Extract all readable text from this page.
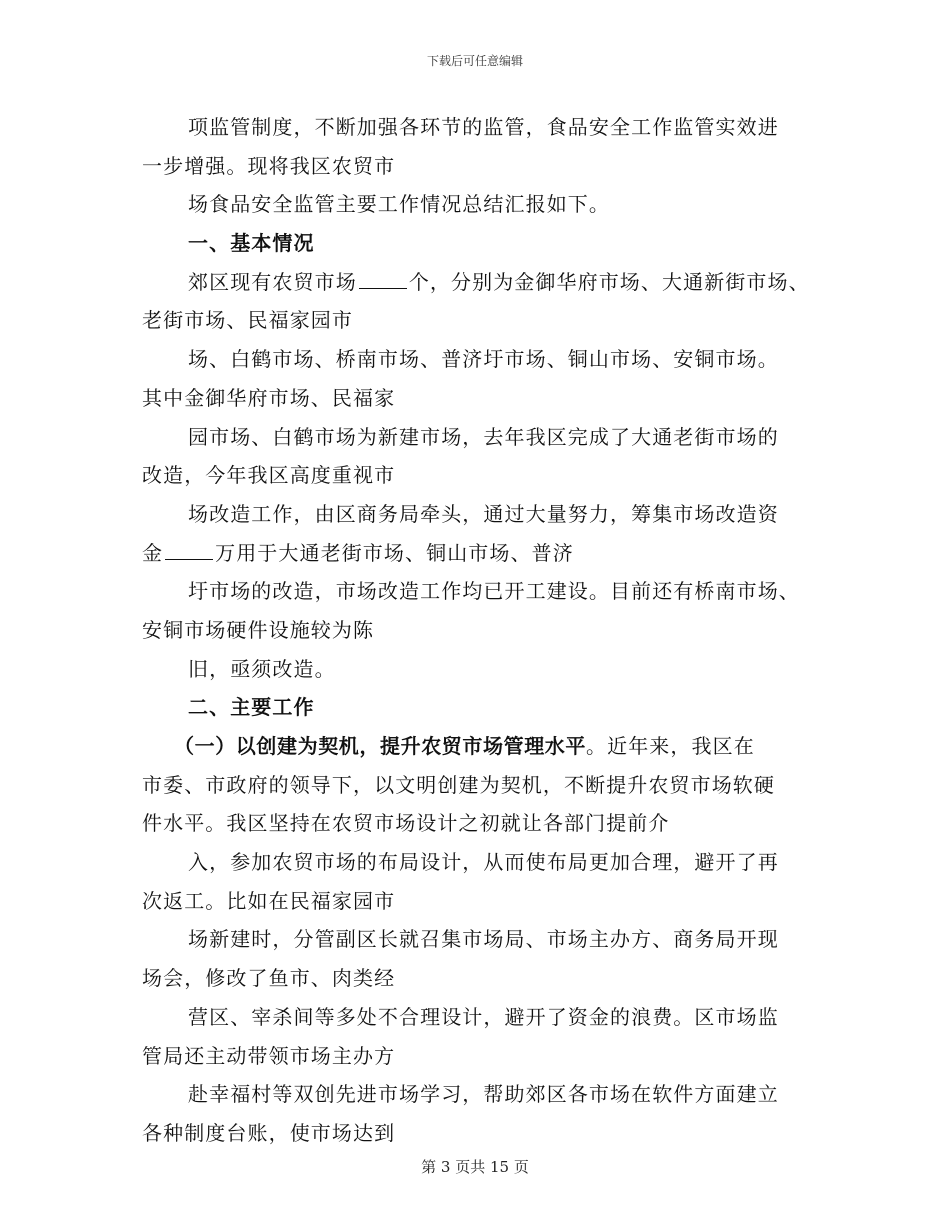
下载后可任意编辑
项监管制度，不断加强各环节的监管，食品安全工作监管实效进
一步增强。现将我区农贸市
场食品安全监管主要工作情况总结汇报如下。
一、基本情况
郊区现有农贸市场	个，分别为金御华府市场、大通新街市场、
老街市场、民福家园市
场、白鹤市场、桥南市场、普济圩市场、铜山市场、安铜市场。
其中金御华府市场、民福家
园市场、白鹤市场为新建市场，去年我区完成了大通老街市场的
改造，今年我区高度重视市
场改造工作，由区商务局牵头，通过大量努力，筹集市场改造资
金	万用于大通老街市场、铜山市场、普济
圩市场的改造，市场改造工作均已开工建设。目前还有桥南市场、
安铜市场硬件设施较为陈
旧，亟须改造。
二、主要工作
（一）以创建为契机，提升农贸市场管理水平。近年来，我区在
市委、市政府的领导下，以文明创建为契机，不断提升农贸市场软硬
件水平。我区坚持在农贸市场设计之初就让各部门提前介
入，参加农贸市场的布局设计，从而使布局更加合理，避开了再
次返工。比如在民福家园市
场新建时，分管副区长就召集市场局、市场主办方、商务局开现
场会，修改了鱼市、肉类经
营区、宰杀间等多处不合理设计，避开了资金的浪费。区市场监
管局还主动带领市场主办方
赴幸福村等双创先进市场学习，帮助郊区各市场在软件方面建立
各种制度台账，使市场达到
第 3 页共 15 页
